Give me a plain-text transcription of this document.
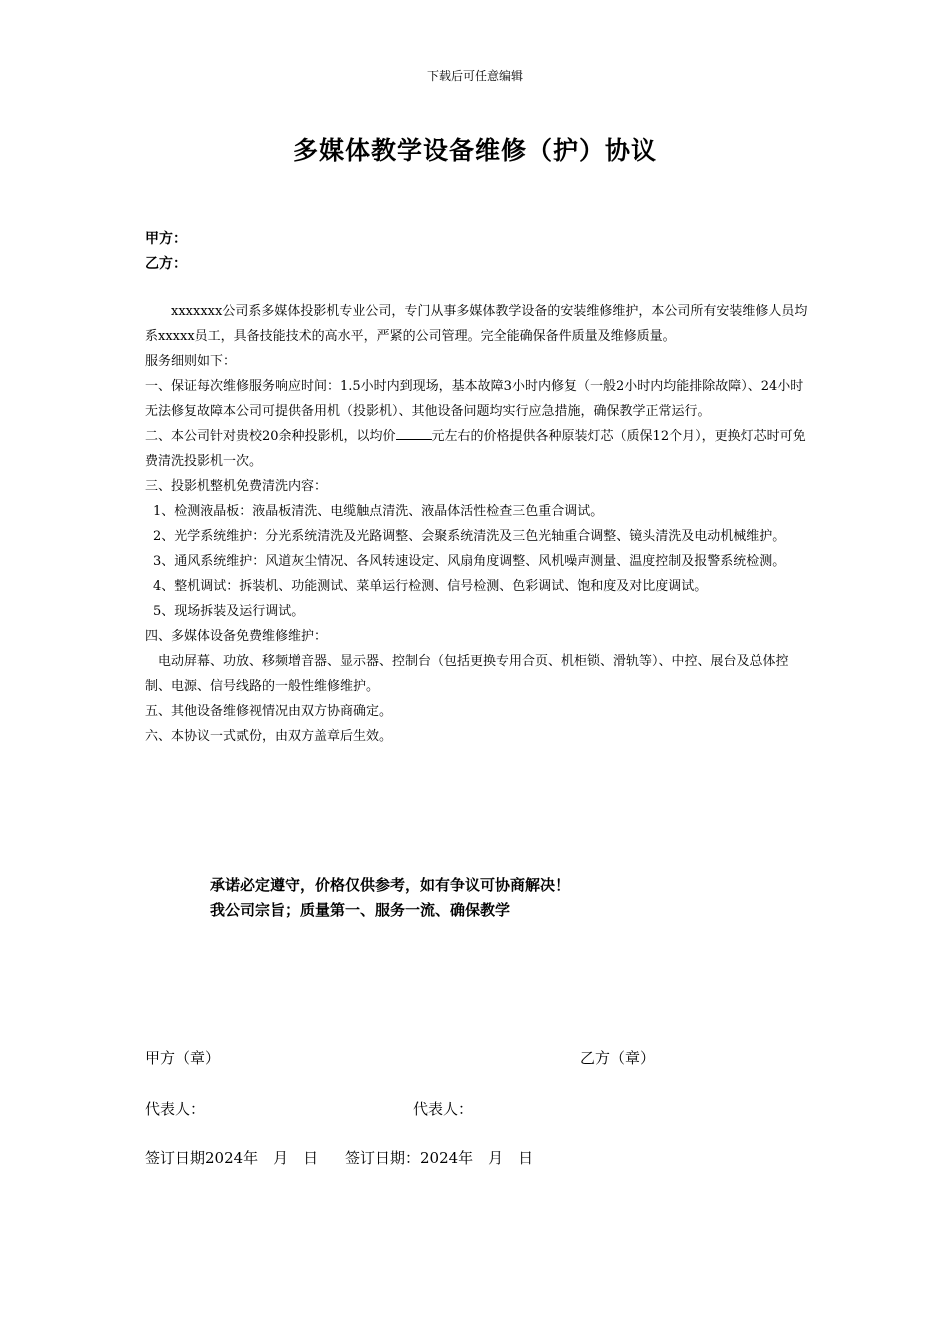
下载后可任意编辑
多媒体教学设备维修（护）协议
甲方：
乙方：

xxxxxxx公司系多媒体投影机专业公司，专门从事多媒体教学设备的安装维修维护，本公司所有安装维修人员均系xxxxx员工，具备技能技术的高水平，严紧的公司管理。完全能确保备件质量及维修质量。

服务细则如下：

一、保证每次维修服务响应时间：1.5小时内到现场，基本故障3小时内修复（一般2小时内均能排除故障）、24小时无法修复故障本公司可提供备用机（投影机）、其他设备问题均实行应急措施，确保教学正常运行。

二、本公司针对贵校20余种投影机，以均价	元左右的价格提供各种原装灯芯（质保12个月），更换灯芯时可免费清洗投影机一次。

三、投影机整机免费清洗内容：

1、检测液晶板：液晶板清洗、电缆触点清洗、液晶体活性检查三色重合调试。

2、光学系统维护：分光系统清洗及光路调整、会聚系统清洗及三色光轴重合调整、镜头清洗及电动机械维护。

3、通风系统维护：风道灰尘情况、各风转速设定、风扇角度调整、风机噪声测量、温度控制及报警系统检测。

4、整机调试：拆装机、功能测试、菜单运行检测、信号检测、色彩调试、饱和度及对比度调试。

5、现场拆装及运行调试。

四、多媒体设备免费维修维护：

电动屏幕、功放、移频增音器、显示器、控制台（包括更换专用合页、机柜锁、滑轨等）、中控、展台及总体控制、电源、信号线路的一般性维修维护。

五、其他设备维修视情况由双方协商确定。

六、本协议一式贰份，由双方盖章后生效。

承诺必定遵守，价格仅供参考，如有争议可协商解决！
我公司宗旨；质量第一、服务一流、确保教学
甲方（章）	乙方（章）
代表人：	代表人：
签订日期2024年　月　日 签订日期：2024年　月　日
